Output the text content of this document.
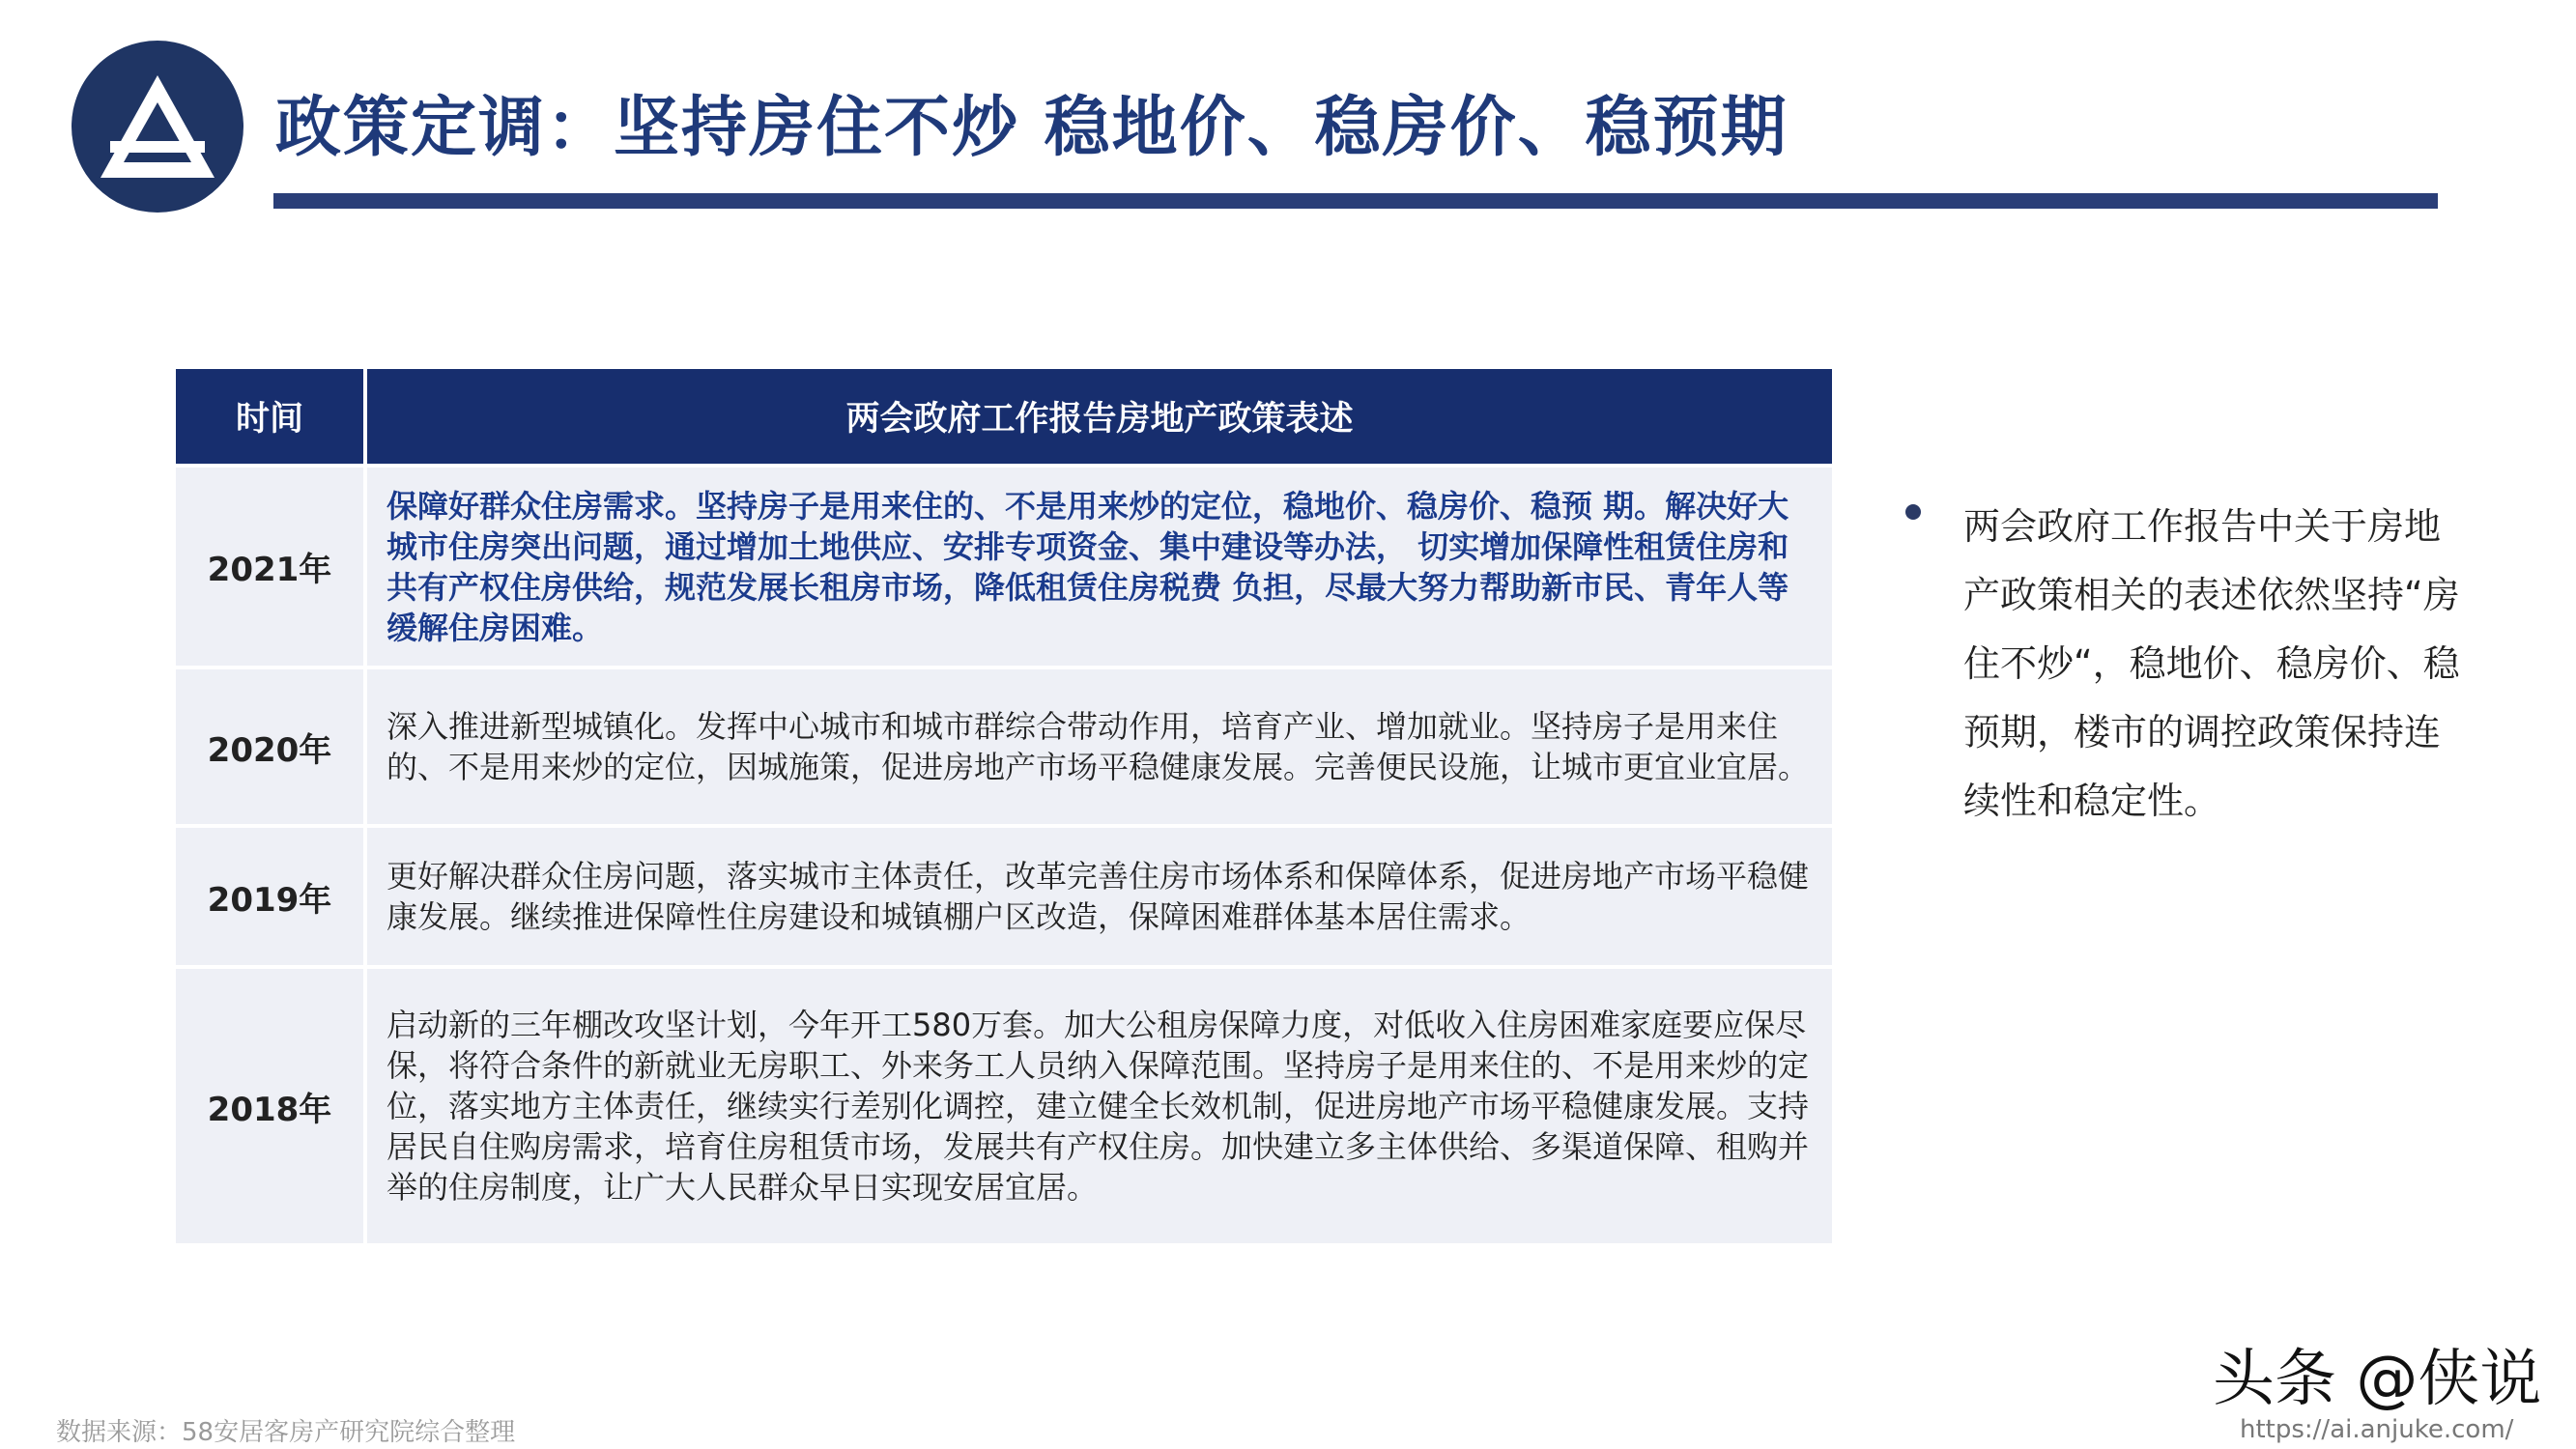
政策定调：坚持房住不炒 稳地价、稳房价、稳预期
时间	两会政府工作报告房地产政策表述
2021年	保障好群众住房需求。坚持房子是用来住的、不是用来炒的定位，稳地价、稳房价、稳预 期。解决好大城市住房突出问题，通过增加土地供应、安排专项资金、集中建设等办法， 切实增加保障性租赁住房和共有产权住房供给，规范发展长租房市场，降低租赁住房税费 负担，尽最大努力帮助新市民、青年人等缓解住房困难。
2020年	深入推进新型城镇化。发挥中心城市和城市群综合带动作用，培育产业、增加就业。坚持房子是用来住的、不是用来炒的定位，因城施策，促进房地产市场平稳健康发展。完善便民设施，让城市更宜业宜居。
2019年	更好解决群众住房问题，落实城市主体责任，改革完善住房市场体系和保障体系，促进房地产市场平稳健康发展。继续推进保障性住房建设和城镇棚户区改造，保障困难群体基本居住需求。
2018年	启动新的三年棚改攻坚计划，今年开工580万套。加大公租房保障力度，对低收入住房困难家庭要应保尽保，将符合条件的新就业无房职工、外来务工人员纳入保障范围。坚持房子是用来住的、不是用来炒的定位，落实地方主体责任，继续实行差别化调控，建立健全长效机制，促进房地产市场平稳健康发展。支持居民自住购房需求，培育住房租赁市场，发展共有产权住房。加快建立多主体供给、多渠道保障、租购并举的住房制度，让广大人民群众早日实现安居宜居。

两会政府工作报告中关于房地产政策相关的表述依然坚持“房住不炒“，稳地价、稳房价、稳预期，楼市的调控政策保持连续性和稳定性。

数据来源：58安居客房产研究院综合整理
头条 @侠说
https://ai.anjuke.com/
